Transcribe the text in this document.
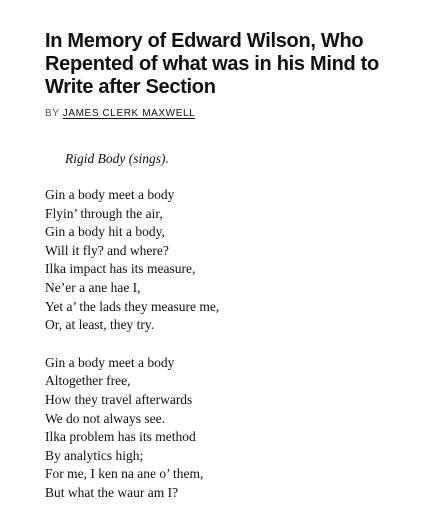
In Memory of Edward Wilson, Who Repented of what was in his Mind to Write after Section
BY JAMES CLERK MAXWELL
Rigid Body (sings).
Gin a body meet a body
Flyin’ through the air,
Gin a body hit a body,
Will it fly? and where?
Ilka impact has its measure,
Ne’er a ane hae I,
Yet a’ the lads they measure me,
Or, at least, they try.
Gin a body meet a body
Altogether free,
How they travel afterwards
We do not always see.
Ilka problem has its method
By analytics high;
For me, I ken na ane o’ them,
But what the waur am I?
